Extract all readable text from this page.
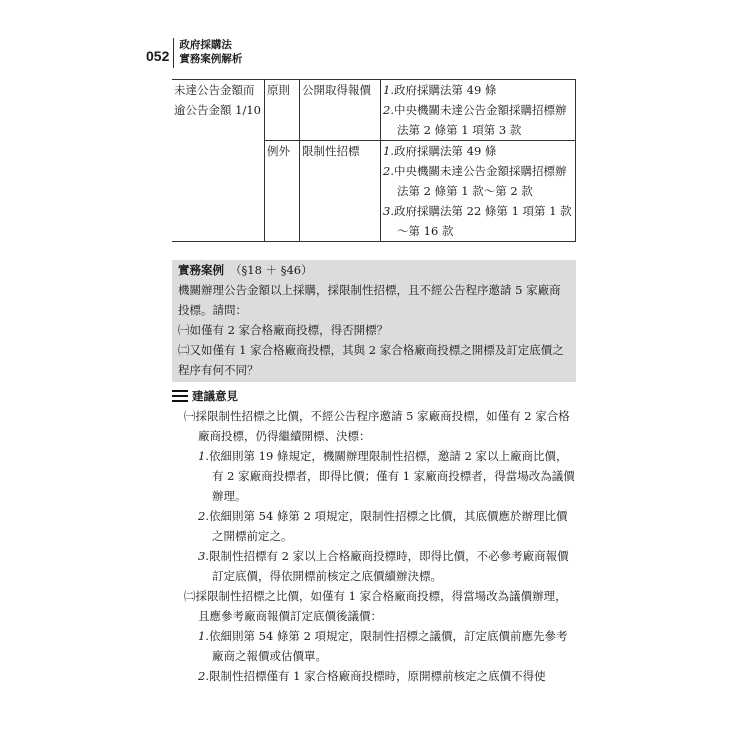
052
政府採購法
實務案例解析
未達公告金額而
逾公告金額 1/10	原則	公開取得報價	1.政府採購法第 49 條
2.中央機關未達公告金額採購招標辦法第 2 條第 1 項第 3 款

	例外	限制性招標	1.政府採購法第 49 條
2.中央機關未達公告金額採購招標辦法第 2 條第 1 款～第 2 款
3.政府採購法第 22 條第 1 項第 1 款～第 16 款
實務案例 （§18 ＋ §46）
機關辦理公告金額以上採購，採限制性招標，且不經公告程序邀請 5 家廠商投標。請問：
㈠如僅有 2 家合格廠商投標，得否開標？
㈡又如僅有 1 家合格廠商投標，其與 2 家合格廠商投標之開標及訂定底價之程序有何不同？
建議意見
㈠採限制性招標之比價，不經公告程序邀請 5 家廠商投標，如僅有 2 家合格廠商投標，仍得繼續開標、決標：
1.依細則第 19 條規定，機關辦理限制性招標，邀請 2 家以上廠商比價，有 2 家廠商投標者，即得比價；僅有 1 家廠商投標者，得當場改為議價辦理。
2.依細則第 54 條第 2 項規定，限制性招標之比價，其底價應於辦理比價之開標前定之。
3.限制性招標有 2 家以上合格廠商投標時，即得比價，不必參考廠商報價訂定底價，得依開標前核定之底價續辦決標。
㈡採限制性招標之比價，如僅有 1 家合格廠商投標，得當場改為議價辦理，且應參考廠商報價訂定底價後議價：
1.依細則第 54 條第 2 項規定，限制性招標之議價，訂定底價前應先參考廠商之報價或估價單。
2.限制性招標僅有 1 家合格廠商投標時，原開標前核定之底價不得使
